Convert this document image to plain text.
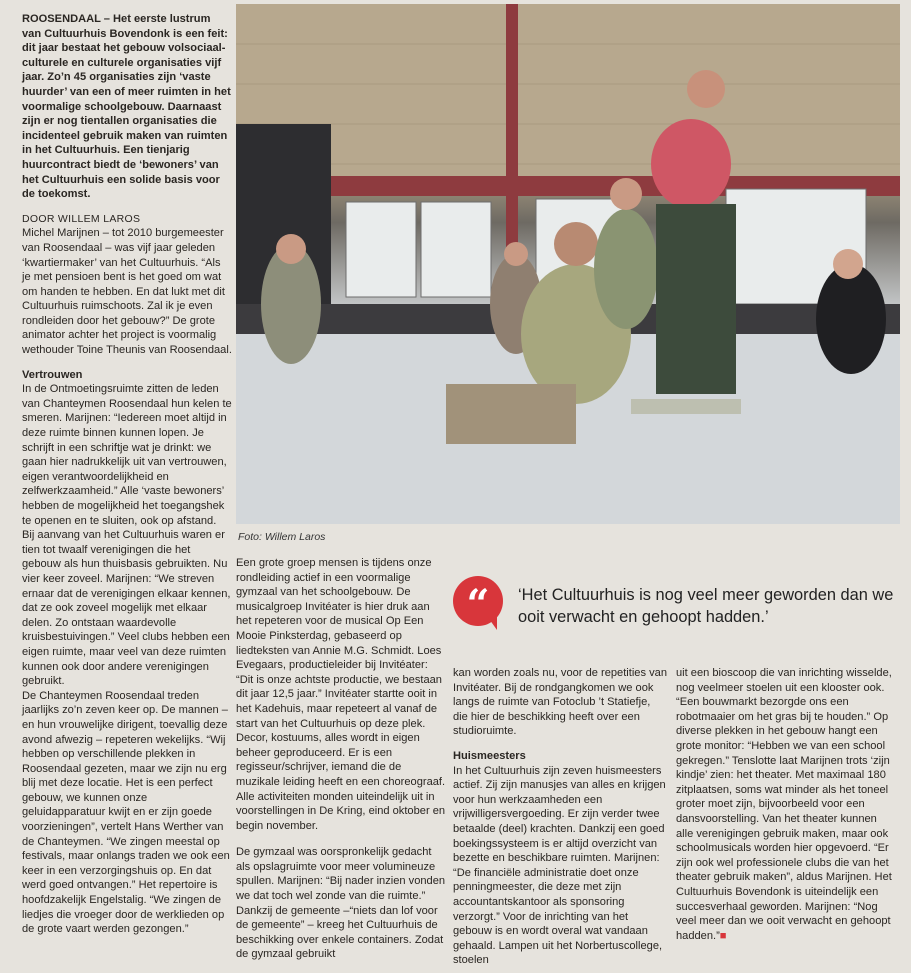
ROOSENDAAL – Het eerste lustrum van Cultuurhuis Bovendonk is een feit: dit jaar bestaat het gebouw volsociaal-culturele en culturele organisaties vijf jaar. Zo’n 45 organisaties zijn ‘vaste huurder’ van een of meer ruimten in het voormalige schoolgebouw. Daarnaast zijn er nog tientallen organisaties die incidenteel gebruik maken van ruimten in het Cultuurhuis. Een tienjarig huurcontract biedt de ‘bewoners’ van het Cultuurhuis een solide basis voor de toekomst.

DOOR WILLEM LAROS

Michel Marijnen – tot 2010 burgemeester van Roosendaal – was vijf jaar geleden ‘kwartiermaker’ van het Cultuurhuis. “Als je met pensioen bent is het goed om wat om handen te hebben. En dat lukt met dit Cultuurhuis ruimschoots. Zal ik je even rondleiden door het gebouw?” De grote animator achter het project is voormalig wethouder Toine Theunis van Roosendaal.

Vertrouwen

In de Ontmoetingsruimte zitten de leden van Chanteymen Roosendaal hun kelen te smeren. Marijnen: “Iedereen moet altijd in deze ruimte binnen kunnen lopen. Je schrijft in een schriftje wat je drinkt: we gaan hier nadrukkelijk uit van vertrouwen, eigen verantwoordelijkheid en zelfwerkzaamheid.” Alle ‘vaste bewoners’ hebben de mogelijkheid het toegangshek te openen en te sluiten, ook op afstand.

Bij aanvang van het Cultuurhuis waren er tien tot twaalf verenigingen die het gebouw als hun thuisbasis gebruikten. Nu vier keer zoveel. Marijnen: “We streven ernaar dat de verenigingen elkaar kennen, dat ze ook zoveel mogelijk met elkaar delen. Zo ontstaan waardevolle kruisbestuivingen.” Veel clubs hebben een eigen ruimte, maar veel van deze ruimten kunnen ook door andere verenigingen gebruikt.

De Chanteymen Roosendaal treden jaarlijks zo’n zeven keer op. De mannen – en hun vrouwelijke dirigent, toevallig deze avond afwezig – repeteren wekelijks. “Wij hebben op verschillende plekken in Roosendaal gezeten, maar we zijn nu erg blij met deze locatie. Het is een perfect gebouw, we kunnen onze geluidapparatuur kwijt en er zijn goede voorzieningen”, vertelt Hans Werther van de Chanteymen. “We zingen meestal op festivals, maar onlangs traden we ook een keer in een verzorgingshuis op. En dat werd goed ontvangen.” Het repertoire is hoofdzakelijk Engelstalig. “We zingen de liedjes die vroeger door de werklieden op de grote vaart werden gezongen.”

Foto: Willem Laros

Een grote groep mensen is tijdens onze rondleiding actief in een voormalige gymzaal van het schoolgebouw. De musicalgroep Invitéater is hier druk aan het repeteren voor de musical Op Een Mooie Pinksterdag, gebaseerd op liedteksten van Annie M.G. Schmidt. Loes Evegaars, productieleider bij Invitéater: “Dit is onze achtste productie, we bestaan dit jaar 12,5 jaar.” Invitéater startte ooit in het Kadehuis, maar repeteert al vanaf de start van het Cultuurhuis op deze plek. Decor, kostuums, alles wordt in eigen beheer geproduceerd. Er is een regisseur/schrijver, iemand die de muzikale leiding heeft en een choreograaf. Alle activiteiten monden uiteindelijk uit in voorstellingen in De Kring, eind oktober en begin november.

De gymzaal was oorspronkelijk gedacht als opslagruimte voor meer volumineuze spullen. Marijnen: “Bij nader inzien vonden we dat toch wel zonde van die ruimte.” Dankzij de gemeente –“niets dan lof voor de gemeente” – kreeg het Cultuurhuis de beschikking over enkele containers. Zodat de gymzaal gebruikt

“	‘Het Cultuurhuis is nog veel meer geworden dan we ooit verwacht en gehoopt hadden.’

kan worden zoals nu, voor de repetities van Invitéater. Bij de rondgangkomen we ook langs de ruimte van Fotoclub ’t Statiefje, die hier de beschikking heeft over een studioruimte.

Huismeesters

In het Cultuurhuis zijn zeven huismeesters actief. Zij zijn manusjes van alles en krijgen voor hun werkzaamheden een vrijwilligersvergoeding. Er zijn verder twee betaalde (deel) krachten. Dankzij een goed boekingssysteem is er altijd overzicht van bezette en beschikbare ruimten. Marijnen: “De financiële administratie doet onze penningmeester, die deze met zijn accountantskantoor als sponsoring verzorgt.” Voor de inrichting van het gebouw is en wordt overal wat vandaan gehaald. Lampen uit het Norbertuscollege, stoelen

uit een bioscoop die van inrichting wisselde, nog veelmeer stoelen uit een klooster ook. “Een bouwmarkt bezorgde ons een robotmaaier om het gras bij te houden.” Op diverse plekken in het gebouw hangt een grote monitor: “Hebben we van een school gekregen.” Tenslotte laat Marijnen trots ‘zijn kindje’ zien: het theater. Met maximaal 180 zitplaatsen, soms wat minder als het toneel groter moet zijn, bijvoorbeeld voor een dansvoorstelling. Van het theater kunnen alle verenigingen gebruik maken, maar ook schoolmusicals worden hier opgevoerd. “Er zijn ook wel professionele clubs die van het theater gebruik maken”, aldus Marijnen. Het Cultuurhuis Bovendonk is uiteindelijk een succesverhaal geworden. Marijnen: “Nog veel meer dan we ooit verwacht en gehoopt hadden.”■
